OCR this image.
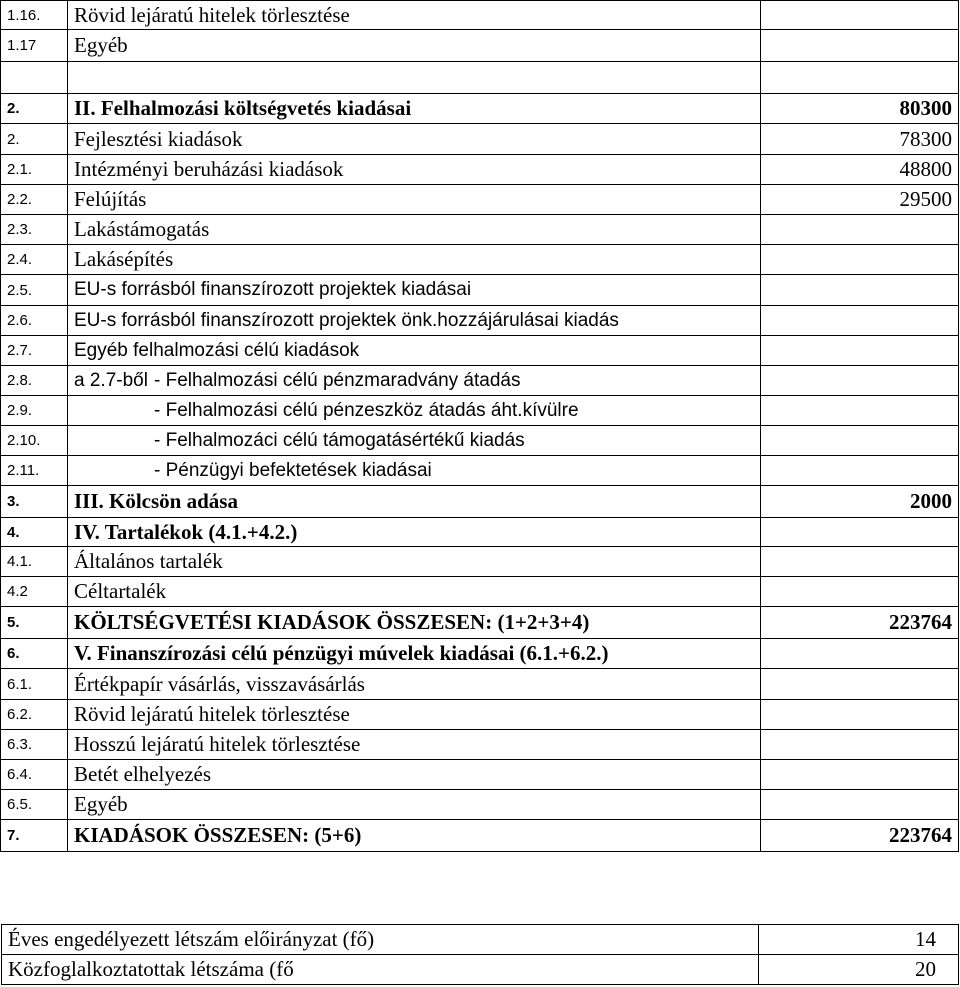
1.16.	Rövid lejáratú hitelek törlesztése	
1.17	Egyéb	

2.	II. Felhalmozási költségvetés kiadásai	80300
2.	Fejlesztési kiadások	78300
2.1.	Intézményi beruházási kiadások	48800
2.2.	Felújítás	29500
2.3.	Lakástámogatás	
2.4.	Lakásépítés	
2.5.	EU-s forrásból finanszírozott projektek kiadásai	
2.6.	EU-s forrásból finanszírozott projektek önk.hozzájárulásai kiadás	
2.7.	Egyéb felhalmozási célú kiadások	
2.8.	a 2.7-ből - Felhalmozási célú pénzmaradvány átadás	
2.9.	- Felhalmozási célú pénzeszköz átadás áht.kívülre	
2.10.	- Felhalmozáci célú támogatásértékű kiadás	
2.11.	- Pénzügyi befektetések kiadásai	
3.	III. Kölcsön adása	2000
4.	IV. Tartalékok (4.1.+4.2.)	
4.1.	Általános tartalék	
4.2	Céltartalék	
5.	KÖLTSÉGVETÉSI KIADÁSOK ÖSSZESEN: (1+2+3+4)	223764
6.	V. Finanszírozási célú pénzügyi múvelek kiadásai (6.1.+6.2.)	
6.1.	Értékpapír vásárlás, visszavásárlás	
6.2.	Rövid lejáratú hitelek törlesztése	
6.3.	Hosszú lejáratú hitelek törlesztése	
6.4.	Betét elhelyezés	
6.5.	Egyéb	
7.	KIADÁSOK ÖSSZESEN: (5+6)	223764
Éves engedélyezett létszám előirányzat (fő)	14
Közfoglalkoztatottak létszáma (fő	20
